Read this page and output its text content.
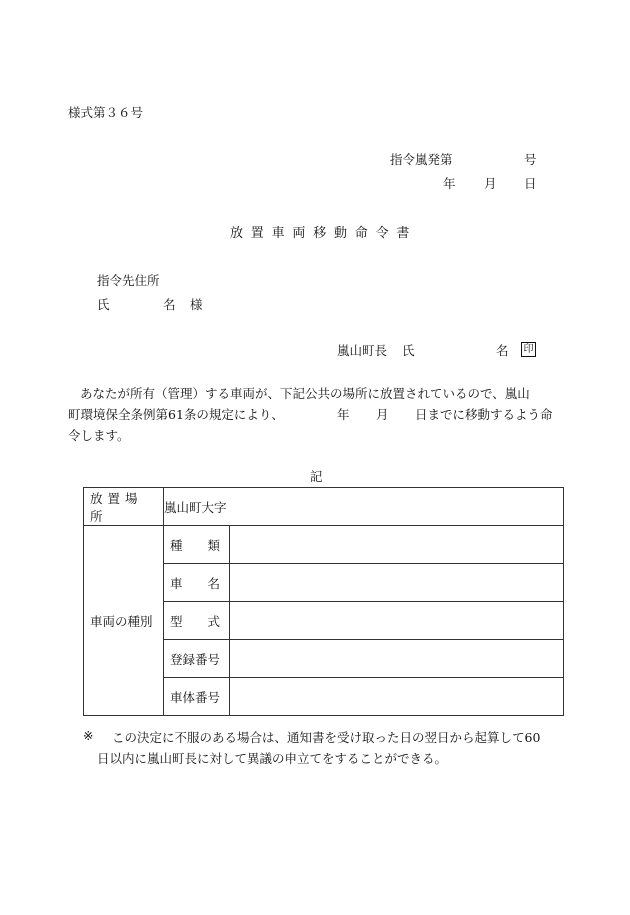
様式第３６号
指令嵐発第	号
年 月 日
放置車両移動命令書
指令先住所
氏	名 様
嵐山町長 氏	名 印
あなたが所有（管理）する車両が、下記公共の場所に放置されているので、嵐山
町環境保全条例第61条の規定により、	年 月 日までに移動するよう命
令します。
記
放置場所	嵐山町大字	
車両の種別	種　　類	
	車　　名	
	型　　式	
	登録番号	
	車体番号	
※ この決定に不服のある場合は、通知書を受け取った日の翌日から起算して60
日以内に嵐山町長に対して異議の申立てをすることができる。
